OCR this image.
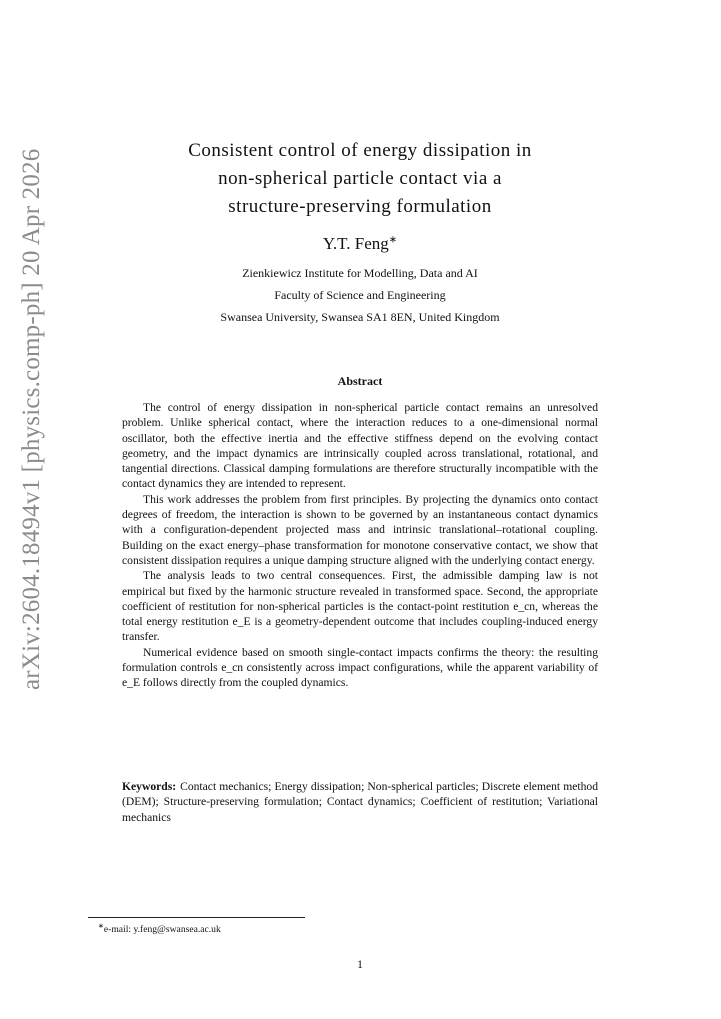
arXiv:2604.18494v1 [physics.comp-ph] 20 Apr 2026	Consistent control of energy dissipation in
non-spherical particle contact via a
structure-preserving formulation

Y.T. Feng∗

Zienkiewicz Institute for Modelling, Data and AI
Faculty of Science and Engineering
Swansea University, Swansea SA1 8EN, United Kingdom
Abstract

The control of energy dissipation in non-spherical particle contact remains an unresolved problem. Unlike spherical contact, where the interaction reduces to a one-dimensional normal oscillator, both the effective inertia and the effective stiffness depend on the evolving contact geometry, and the impact dynamics are intrinsically coupled across translational, rotational, and tangential directions. Classical damping formulations are therefore structurally incompatible with the contact dynamics they are intended to represent.

This work addresses the problem from first principles. By projecting the dynamics onto contact degrees of freedom, the interaction is shown to be governed by an instantaneous contact dynamics with a configuration-dependent projected mass and intrinsic translational–rotational coupling. Building on the exact energy–phase transformation for monotone conservative contact, we show that consistent dissipation requires a unique damping structure aligned with the underlying contact energy.

The analysis leads to two central consequences. First, the admissible damping law is not empirical but fixed by the harmonic structure revealed in transformed space. Second, the appropriate coefficient of restitution for non-spherical particles is the contact-point restitution e_cn, whereas the total energy restitution e_E is a geometry-dependent outcome that includes coupling-induced energy transfer.

Numerical evidence based on smooth single-contact impacts confirms the theory: the resulting formulation controls e_cn consistently across impact configurations, while the apparent variability of e_E follows directly from the coupled dynamics.

Keywords: Contact mechanics; Energy dissipation; Non-spherical particles; Discrete element method (DEM); Structure-preserving formulation; Contact dynamics; Coefficient of restitution; Variational mechanics

∗e-mail: y.feng@swansea.ac.uk

1
